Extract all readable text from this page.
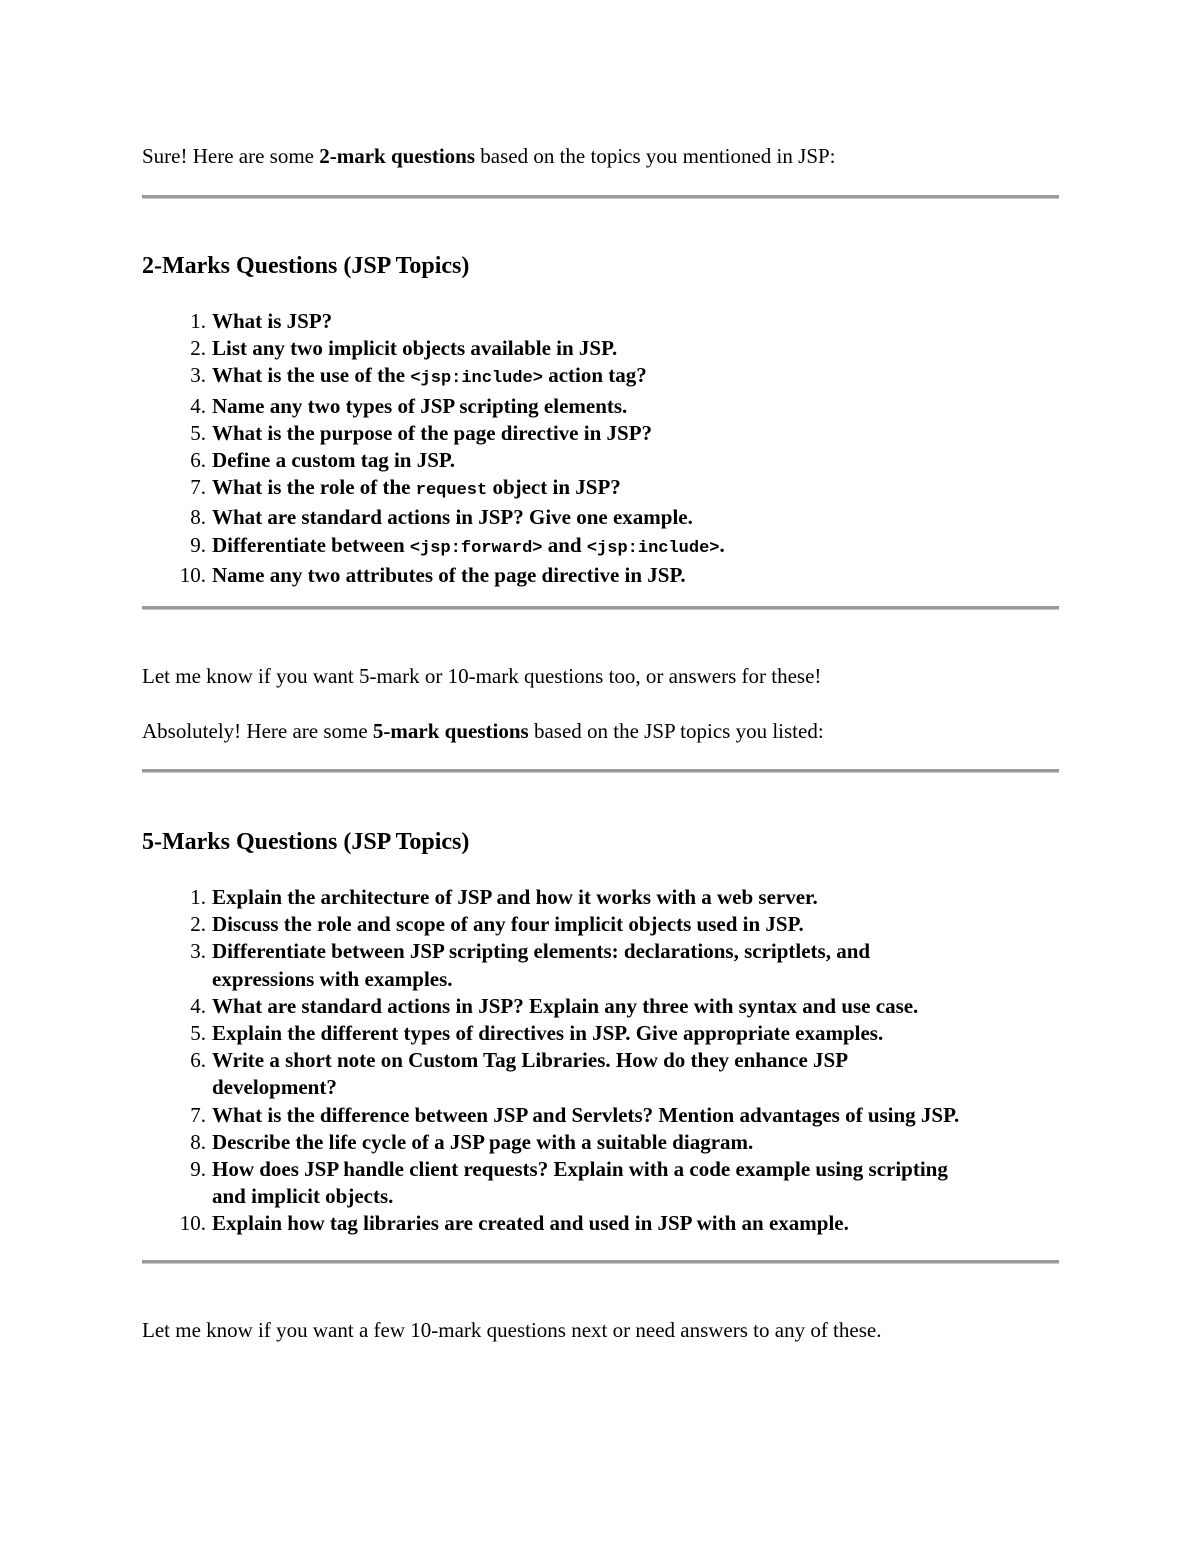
Sure! Here are some 2-mark questions based on the topics you mentioned in JSP:
2-Marks Questions (JSP Topics)
1. What is JSP?
2. List any two implicit objects available in JSP.
3. What is the use of the <jsp:include> action tag?
4. Name any two types of JSP scripting elements.
5. What is the purpose of the page directive in JSP?
6. Define a custom tag in JSP.
7. What is the role of the request object in JSP?
8. What are standard actions in JSP? Give one example.
9. Differentiate between <jsp:forward> and <jsp:include>.
10. Name any two attributes of the page directive in JSP.
Let me know if you want 5-mark or 10-mark questions too, or answers for these!
Absolutely! Here are some 5-mark questions based on the JSP topics you listed:
5-Marks Questions (JSP Topics)
1. Explain the architecture of JSP and how it works with a web server.
2. Discuss the role and scope of any four implicit objects used in JSP.
3. Differentiate between JSP scripting elements: declarations, scriptlets, and
expressions with examples.
4. What are standard actions in JSP? Explain any three with syntax and use case.
5. Explain the different types of directives in JSP. Give appropriate examples.
6. Write a short note on Custom Tag Libraries. How do they enhance JSP
development?
7. What is the difference between JSP and Servlets? Mention advantages of using JSP.
8. Describe the life cycle of a JSP page with a suitable diagram.
9. How does JSP handle client requests? Explain with a code example using scripting
and implicit objects.
10. Explain how tag libraries are created and used in JSP with an example.
Let me know if you want a few 10-mark questions next or need answers to any of these.
